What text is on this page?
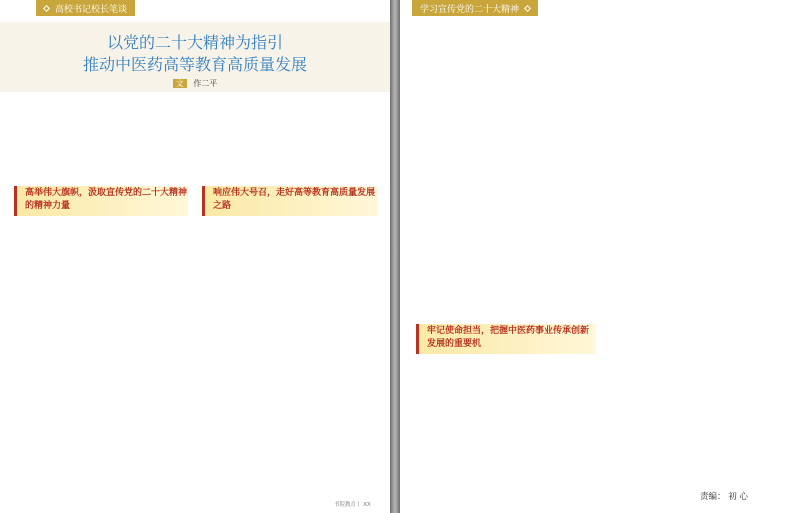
高校书记校长笔谈
以党的二十大精神为指引
推动中医药高等教育高质量发展
文 作二平
高举伟大旗帜，汲取宣传党的二十大精神的精神力量
响应伟大号召，走好高等教育高质量发展之路
书院教育丨 XX
学习宣传党的二十大精神
牢记使命担当，把握中医药事业传承创新发展的重要机
责编： 初 心
